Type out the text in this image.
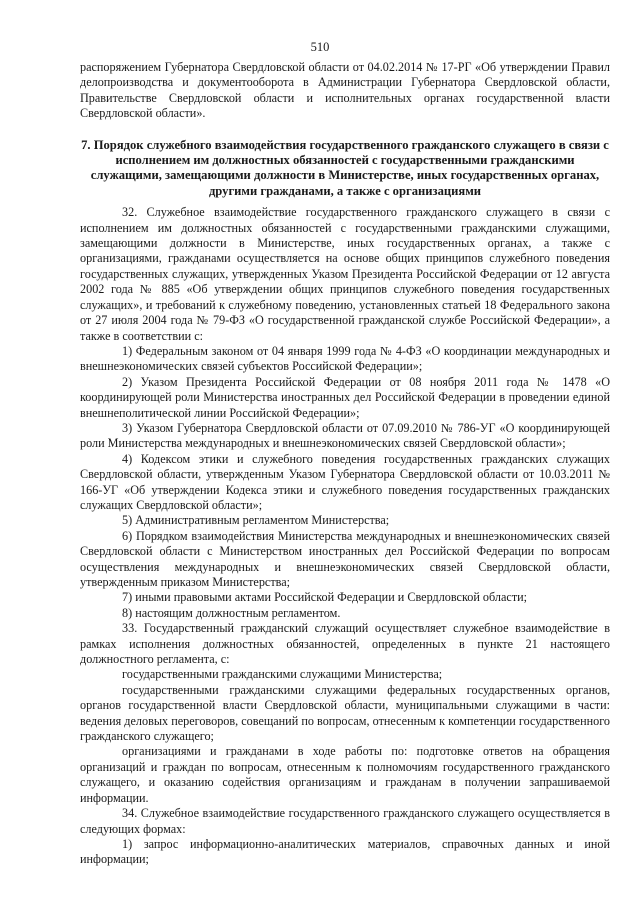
510

распоряжением Губернатора Свердловской области от 04.02.2014 № 17-РГ «Об утверждении Правил делопроизводства и документооборота в Администрации Губернатора Свердловской области, Правительстве Свердловской области и исполнительных органах государственной власти Свердловской области».

7. Порядок служебного взаимодействия государственного гражданского служащего в связи с исполнением им должностных обязанностей с государственными гражданскими служащими, замещающими должности в Министерстве, иных государственных органах, другими гражданами, а также с организациями

32. Служебное взаимодействие государственного гражданского служащего в связи с исполнением им должностных обязанностей с государственными гражданскими служащими, замещающими должности в Министерстве, иных государственных органах, а также с организациями, гражданами осуществляется на основе общих принципов служебного поведения государственных служащих, утвержденных Указом Президента Российской Федерации от 12 августа 2002 года № 885 «Об утверждении общих принципов служебного поведения государственных служащих», и требований к служебному поведению, установленных статьей 18 Федерального закона от 27 июля 2004 года № 79-ФЗ «О государственной гражданской службе Российской Федерации», а также в соответствии с:

1) Федеральным законом от 04 января 1999 года № 4-ФЗ «О координации международных и внешнеэкономических связей субъектов Российской Федерации»;

2) Указом Президента Российской Федерации от 08 ноября 2011 года № 1478 «О координирующей роли Министерства иностранных дел Российской Федерации в проведении единой внешнеполитической линии Российской Федерации»;

3) Указом Губернатора Свердловской области от 07.09.2010 № 786-УГ «О координирующей роли Министерства международных и внешнеэкономических связей Свердловской области»;

4) Кодексом этики и служебного поведения государственных гражданских служащих Свердловской области, утвержденным Указом Губернатора Свердловской области от 10.03.2011 № 166-УГ «Об утверждении Кодекса этики и служебного поведения государственных гражданских служащих Свердловской области»;

5) Административным регламентом Министерства;

6) Порядком взаимодействия Министерства международных и внешнеэкономических связей Свердловской области с Министерством иностранных дел Российской Федерации по вопросам осуществления международных и внешнеэкономических связей Свердловской области, утвержденным приказом Министерства;

7) иными правовыми актами Российской Федерации и Свердловской области;

8) настоящим должностным регламентом.

33. Государственный гражданский служащий осуществляет служебное взаимодействие в рамках исполнения должностных обязанностей, определенных в пункте 21 настоящего должностного регламента, с:

государственными гражданскими служащими Министерства;

государственными гражданскими служащими федеральных государственных органов, органов государственной власти Свердловской области, муниципальными служащими в части: ведения деловых переговоров, совещаний по вопросам, отнесенным к компетенции государственного гражданского служащего;

организациями и гражданами в ходе работы по: подготовке ответов на обращения организаций и граждан по вопросам, отнесенным к полномочиям государственного гражданского служащего, и оказанию содействия организациям и гражданам в получении запрашиваемой информации.

34. Служебное взаимодействие государственного гражданского служащего осуществляется в следующих формах:

1) запрос информационно-аналитических материалов, справочных данных и иной информации;
